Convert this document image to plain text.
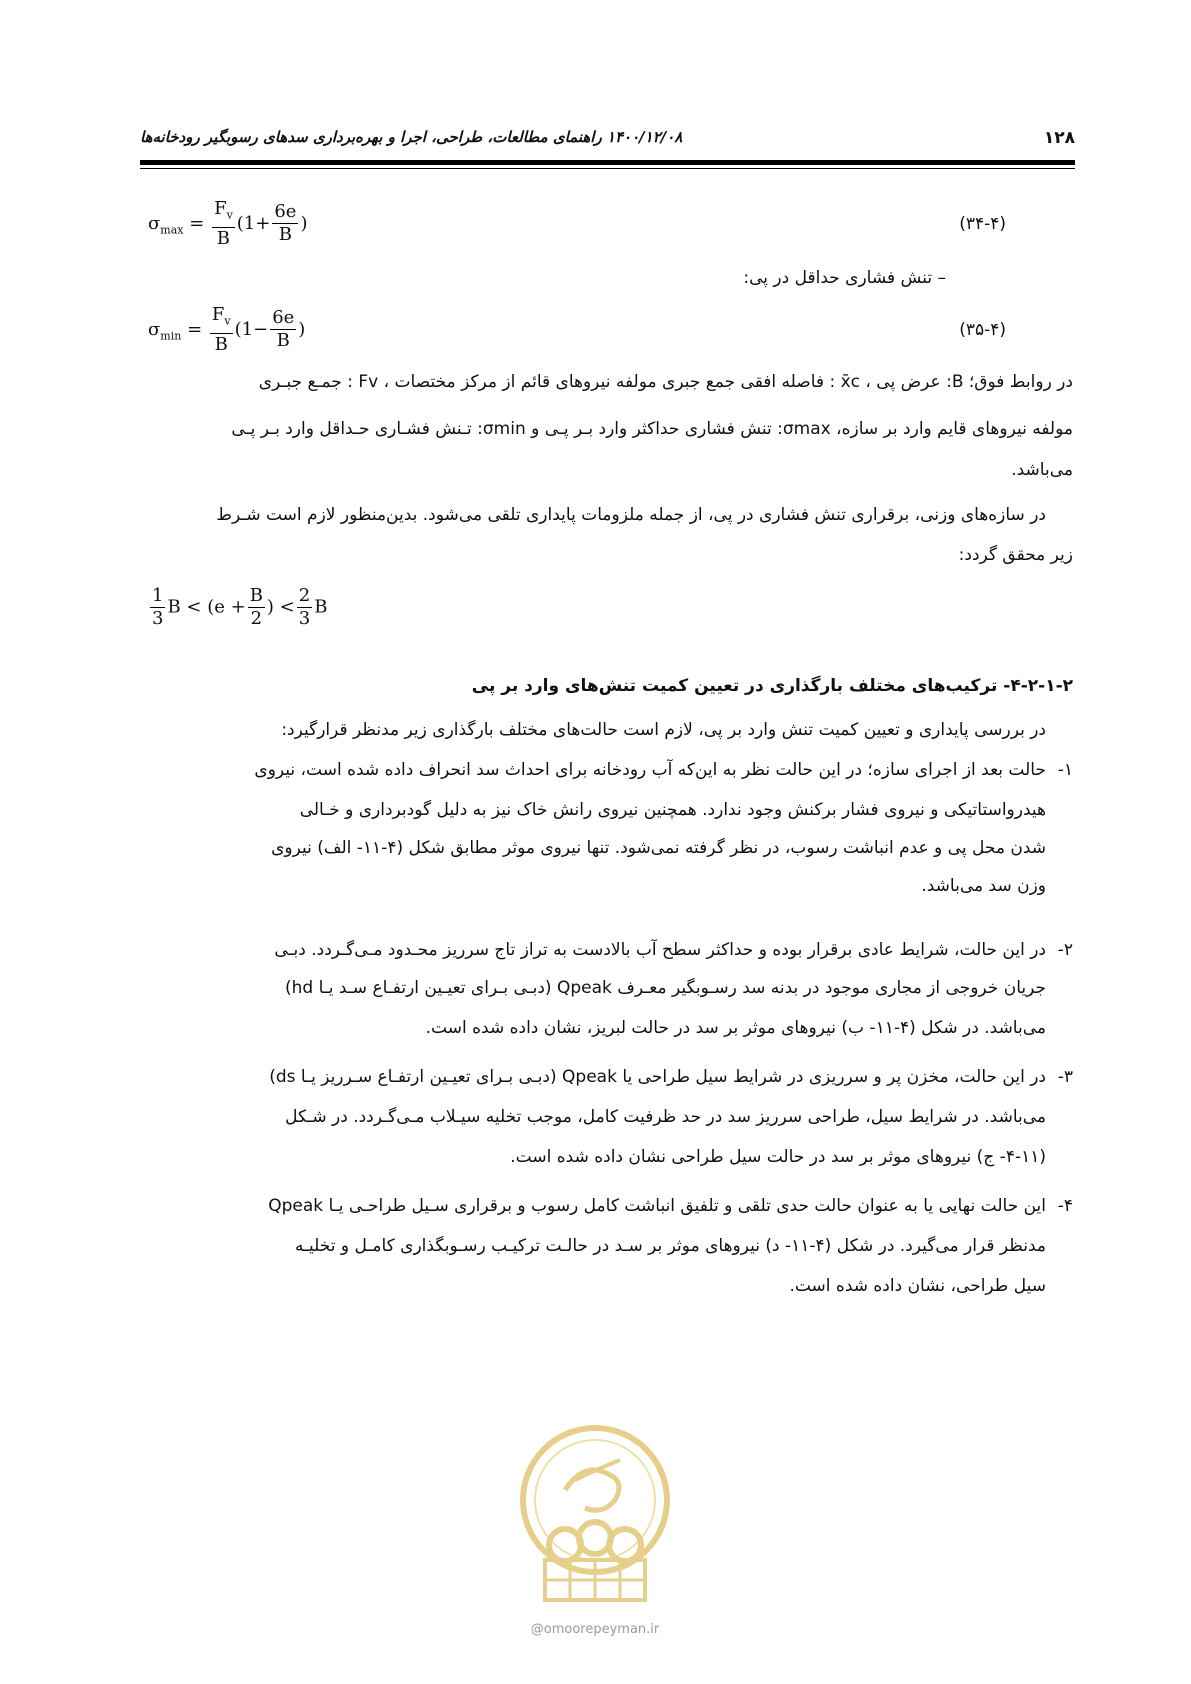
۱۲۸
۱۴۰۰/۱۲/۰۸ راهنمای مطالعات، طراحی، اجرا و بهره‌برداری سدهای رسوبگیر رودخانه‌ها
$\sigma_{max} = \frac{F_v}{B} (1+ \frac{6e}{B}$ )	(۳۴-۴)
– تنش فشاری حداقل در پی:
$\sigma_{min} = \frac{F_v}{B} (1- \frac{6e}{B}$ )	(۳۵-۴)
در روابط فوق؛ B: عرض پی ، x̄c : فاصله افقی جمع جبری مولفه نیروهای قائم از مرکز مختصات ، Fv : جمـع جبـری
مولفه نیروهای قایم وارد بر سازه، σmax: تنش فشاری حداکثر وارد بـر پـی و σmin: تـنش فشـاری حـداقل وارد بـر پـی
می‌باشد.
در سازه‌های وزنی، برقراری تنش فشاری در پی، از جمله ملزومات پایداری تلقی می‌شود. بدین‌منظور لازم است شـرط
زیر محقق گردد:
$\frac{1}{3}$ $B < (e + \frac{B}{2}$ ) < $\frac{2}{3}$ B
۴-۲-۱-۲- ترکیب‌های مختلف بارگذاری در تعیین کمیت تنش‌های وارد بر پی
در بررسی پایداری و تعیین کمیت تنش وارد بر پی، لازم است حالت‌های مختلف بارگذاری زیر مدنظر قرارگیرد:
۱-
حالت بعد از اجرای سازه؛ در این حالت نظر به این‌که آب رودخانه برای احداث سد انحراف داده شده است، نیروی
هیدرواستاتیکی و نیروی فشار برکنش وجود ندارد. همچنین نیروی رانش خاک نیز به دلیل گودبرداری و خـالی
شدن محل پی و عدم انباشت رسوب، در نظر گرفته نمی‌شود. تنها نیروی موثر مطابق شکل (۴-۱۱- الف) نیروی
وزن سد می‌باشد.
۲-
در این حالت، شرایط عادی برقرار بوده و حداکثر سطح آب بالادست به تراز تاج سرریز محـدود مـی‌گـردد. دبـی
جریان خروجی از مجاری موجود در بدنه سد رسـوبگیر معـرف Qpeak (دبـی بـرای تعیـین ارتفـاع سـد یـا hd)
می‌باشد. در شکل (۴-۱۱- ب) نیروهای موثر بر سد در حالت لبریز، نشان داده شده است.
۳-
در این حالت، مخزن پر و سرریزی در شرایط سیل طراحی یا Qpeak (دبـی بـرای تعیـین ارتفـاع سـرریز یـا ds)
می‌باشد. در شرایط سیل، طراحی سرریز سد در حد ظرفیت کامل، موجب تخلیه سیـلاب مـی‌گـردد. در شـکل
(۴-۱۱- ج) نیروهای موثر بر سد در حالت سیل طراحی نشان داده شده است.
۴-
این حالت نهایی یا به عنوان حالت حدی تلقی و تلفیق انباشت کامل رسوب و برقراری سـیل طراحـی یـا Qpeak
مدنظر قرار می‌گیرد. در شکل (۴-۱۱- د) نیروهای موثر بر سـد در حالـت ترکیـب رسـوبگذاری کامـل و تخلیـه
سیل طراحی، نشان داده شده است.
@omoorepeyman.ir
